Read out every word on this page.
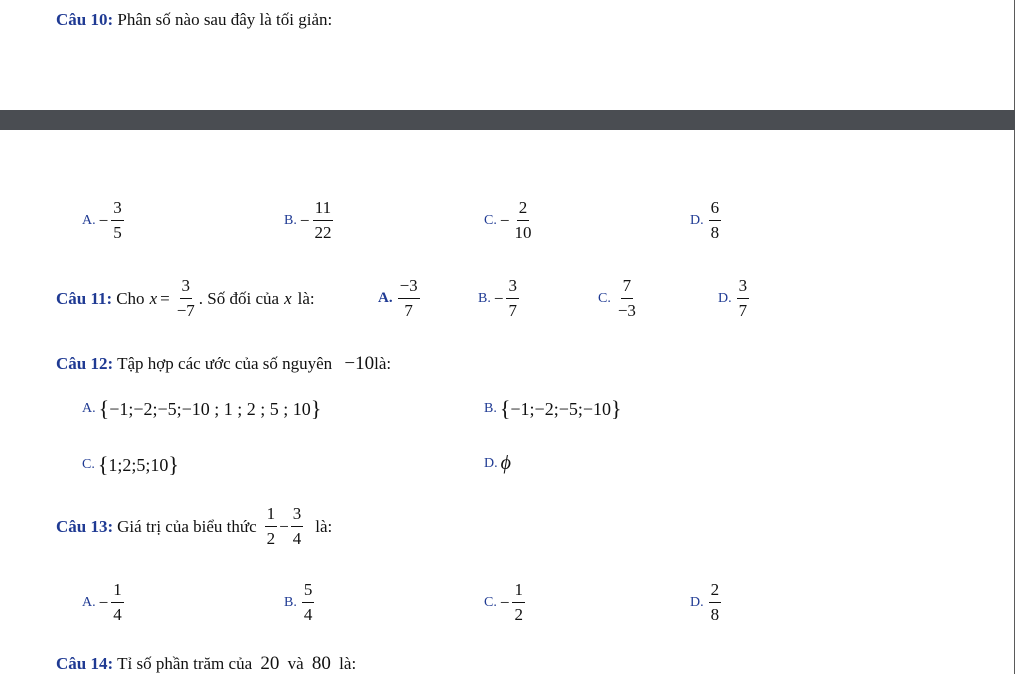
Câu 10: Phân số nào sau đây là tối giản:
A. − $\frac{3}{5}$	B. − $\frac{11}{22}$	C. − $\frac{2}{10}$	D. $\frac{6}{8}$
Câu 11: Cho $x = \frac{3}{-7}$ . Số đối của x là:	A. $\frac{-3}{7}$	B. − $\frac{3}{7}$	C. $\frac{7}{-3}$	D. $\frac{3}{7}$
Câu 12: Tập hợp các ước của số nguyên −10là:
A. {−1;−2;−5;−10 ; 1 ; 2 ; 5 ; 10}	B. {−1;−2;−5;−10}
C. {1;2;5;10}	D. ϕ
Câu 13: Giá trị của biểu thức $\frac{1}{2} - \frac{3}{4}$ là:
A. − $\frac{1}{4}$	B. $\frac{5}{4}$	C. − $\frac{1}{2}$	D. $\frac{2}{8}$
Câu 14: Tỉ số phần trăm của 20 và 80 là:
